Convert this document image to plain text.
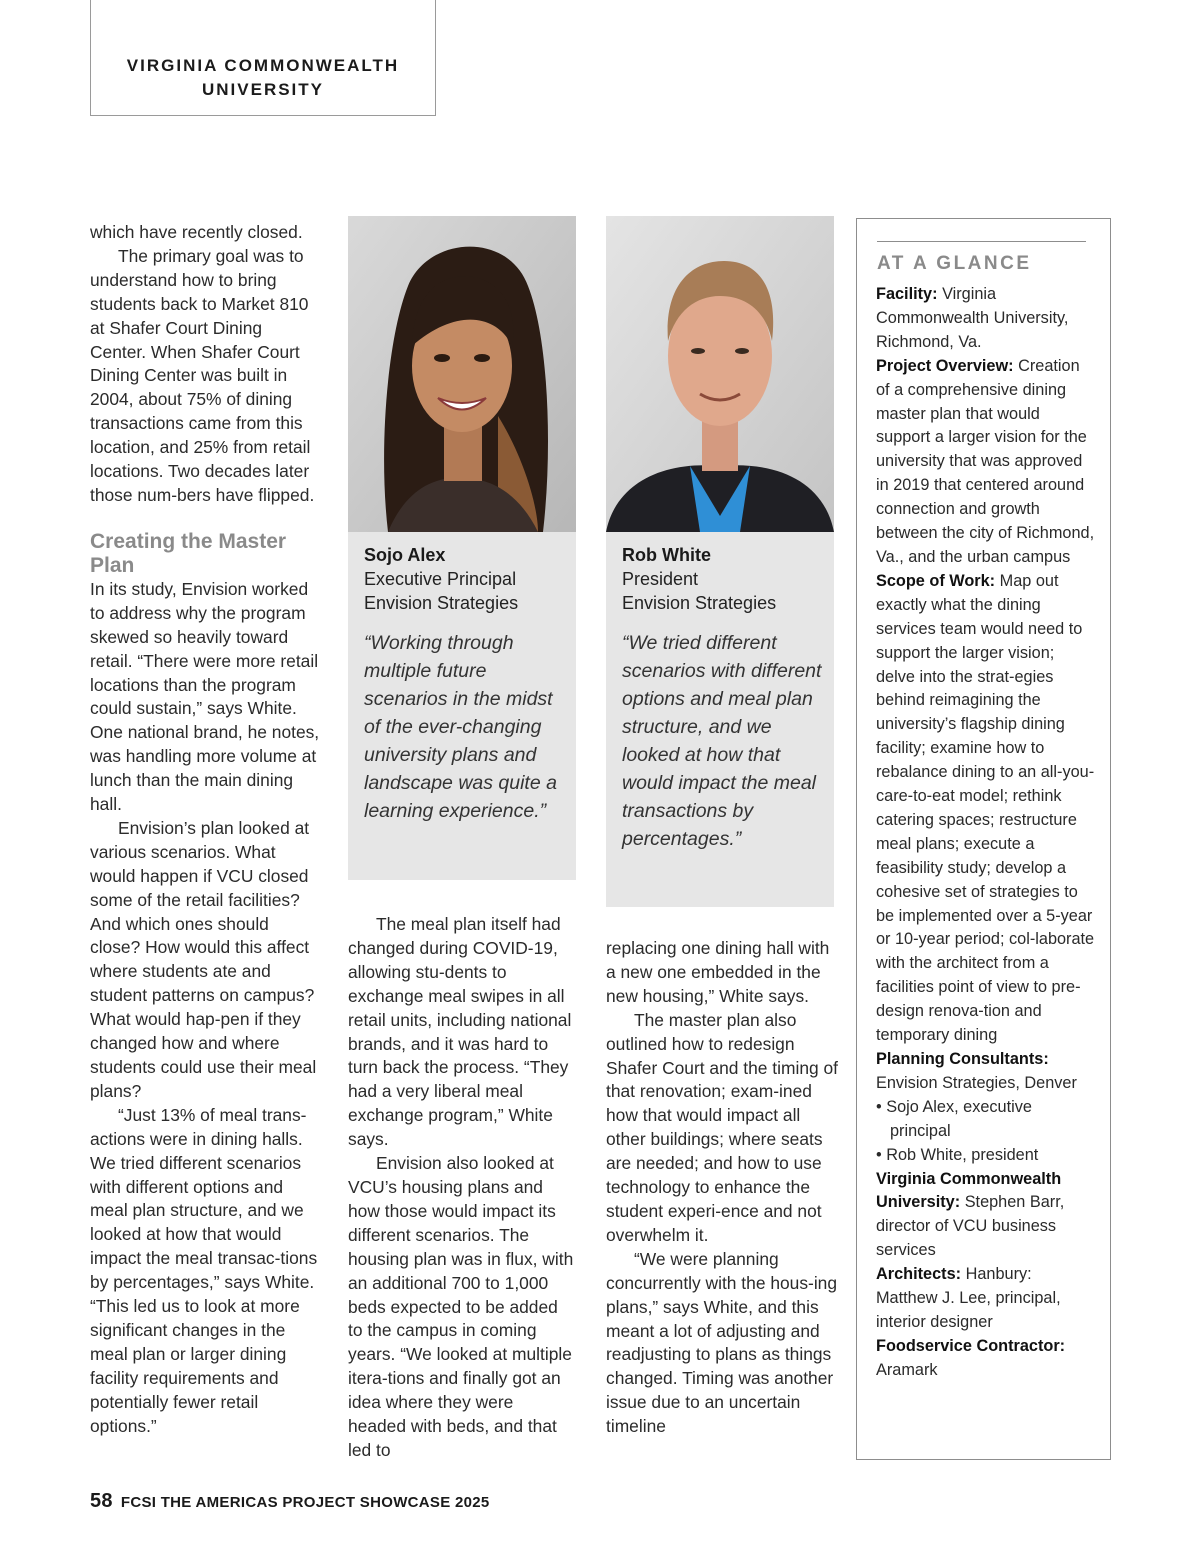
VIRGINIA COMMONWEALTH
UNIVERSITY

which have recently closed.

The primary goal was to understand how to bring students back to Market 810 at Shafer Court Dining Center. When Shafer Court Dining Center was built in 2004, about 75% of dining transactions came from this location, and 25% from retail locations. Two decades later those num-bers have flipped.

Creating the Master Plan

In its study, Envision worked to address why the program skewed so heavily toward retail. “There were more retail locations than the program could sustain,” says White. One national brand, he notes, was handling more volume at lunch than the main dining hall.

Envision’s plan looked at various scenarios. What would happen if VCU closed some of the retail facilities? And which ones should close? How would this affect where students ate and student patterns on campus? What would hap-pen if they changed how and where students could use their meal plans?

“Just 13% of meal trans-actions were in dining halls. We tried different scenarios with different options and meal plan structure, and we looked at how that would impact the meal transac-tions by percentages,” says White. “This led us to look at more significant changes in the meal plan or larger dining facility requirements and potentially fewer retail options.”

Sojo Alex
Executive Principal
Envision Strategies
“Working through multiple future scenarios in the midst of the ever-changing university plans and landscape was quite a learning experience.”
Rob White
President
Envision Strategies
“We tried different scenarios with different options and meal plan structure, and we looked at how that would impact the meal transactions by percentages.”

The meal plan itself had changed during COVID-19, allowing stu-dents to exchange meal swipes in all retail units, including national brands, and it was hard to turn back the process. “They had a very liberal meal exchange program,” White says.

Envision also looked at VCU’s housing plans and how those would impact its different scenarios. The housing plan was in flux, with an additional 700 to 1,000 beds expected to be added to the campus in coming years. “We looked at multiple itera-tions and finally got an idea where they were headed with beds, and that led to

replacing one dining hall with a new one embedded in the new housing,” White says.

The master plan also outlined how to redesign Shafer Court and the timing of that renovation; exam-ined how that would impact all other buildings; where seats are needed; and how to use technology to enhance the student experi-ence and not overwhelm it.

“We were planning concurrently with the hous-ing plans,” says White, and this meant a lot of adjusting and readjusting to plans as things changed. Timing was another issue due to an uncertain timeline

AT A GLANCE

Facility: Virginia Commonwealth University, Richmond, Va.

Project Overview: Creation of a comprehensive dining master plan that would support a larger vision for the university that was approved in 2019 that centered around connection and growth between the city of Richmond, Va., and the urban campus

Scope of Work: Map out exactly what the dining services team would need to support the larger vision; delve into the strat-egies behind reimagining the university’s flagship dining facility; examine how to rebalance dining to an all-you-care-to-eat model; rethink catering spaces; restructure meal plans; execute a feasibility study; develop a cohesive set of strategies to be implemented over a 5-year or 10-year period; col-laborate with the architect from a facilities point of view to pre-design renova-tion and temporary dining

Planning Consultants:
Envision Strategies, Denver

• Sojo Alex, executive principal
• Rob White, president

Virginia Commonwealth University: Stephen Barr, director of VCU business services

Architects: Hanbury: Matthew J. Lee, principal, interior designer

Foodservice Contractor:
Aramark

58 FCSI THE AMERICAS PROJECT SHOWCASE 2025
